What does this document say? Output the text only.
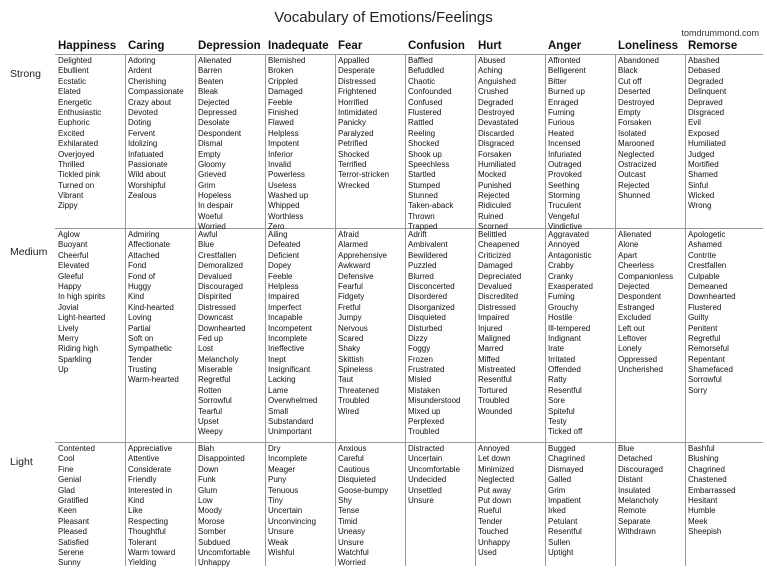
Vocabulary of Emotions/Feelings
tomdrummond.com
Strong
Medium
Light
Happiness
Delighted
Ebullient
Ecstatic
Elated
Energetic
Enthusiastic
Euphoric
Excited
Exhilarated
Overjoyed
Thrilled
Tickled pink
Turned on
Vibrant
Zippy
Aglow
Buoyant
Cheerful
Elevated
Gleeful
Happy
In high spirits
Jovial
Light-hearted
Lively
Merry
Riding high
Sparkling
Up
Contented
Cool
Fine
Genial
Glad
Gratified
Keen
Pleasant
Pleased
Satisfied
Serene
Sunny
Caring
Adoring
Ardent
Cherishing
Compassionate
Crazy about
Devoted
Doting
Fervent
Idolizing
Infatuated
Passionate
Wild about
Worshipful
Zealous
Admiring
Affectionate
Attached
Fond
Fond of
Huggy
Kind
Kind-hearted
Loving
Partial
Soft on
Sympathetic
Tender
Trusting
Warm-hearted
Appreciative
Attentive
Considerate
Friendly
Interested in
Kind
Like
Respecting
Thoughtful
Tolerant
Warm toward
Yielding
Depression
Alienated
Barren
Beaten
Bleak
Dejected
Depressed
Desolate
Despondent
Dismal
Empty
Gloomy
Grieved
Grim
Hopeless
In despair
Woeful
Worried
Awful
Blue
Crestfallen
Demoralized
Devalued
Discouraged
Dispirited
Distressed
Downcast
Downhearted
Fed up
Lost
Melancholy
Miserable
Regretful
Rotten
Sorrowful
Tearful
Upset
Weepy
Blah
Disappointed
Down
Funk
Glum
Low
Moody
Morose
Somber
Subdued
Uncomfortable
Unhappy
Inadequate
Blemished
Broken
Crippled
Damaged
Feeble
Finished
Flawed
Helpless
Impotent
Inferior
Invalid
Powerless
Useless
Washed up
Whipped
Worthless
Zero
Ailing
Defeated
Deficient
Dopey
Feeble
Helpless
Impaired
Imperfect
Incapable
Incompetent
Incomplete
Ineffective
Inept
Insignificant
Lacking
Lame
Overwhelmed
Small
Substandard
Unimportant
Dry
Incomplete
Meager
Puny
Tenuous
Tiny
Uncertain
Unconvincing
Unsure
Weak
Wishful
Fear
Appalled
Desperate
Distressed
Frightened
Horrified
Intimidated
Panicky
Paralyzed
Petrified
Shocked
Terrified
Terror-stricken
Wrecked
Afraid
Alarmed
Apprehensive
Awkward
Defensive
Fearful
Fidgety
Fretful
Jumpy
Nervous
Scared
Shaky
Skittish
Spineless
Taut
Threatened
Troubled
Wired
Anxious
Careful
Cautious
Disquieted
Goose-bumpy
Shy
Tense
Timid
Uneasy
Unsure
Watchful
Worried
Confusion
Baffled
Befuddled
Chaotic
Confounded
Confused
Flustered
Rattled
Reeling
Shocked
Shook up
Speechless
Startled
Stumped
Stunned
Taken-aback
Thrown
Trapped
Adrift
Ambivalent
Bewildered
Puzzled
Blurred
Disconcerted
Disordered
Disorganized
Disquieted
Disturbed
Dizzy
Foggy
Frozen
Frustrated
Misled
Mistaken
Misunderstood
Mixed up
Perplexed
Troubled
Distracted
Uncertain
Uncomfortable
Undecided
Unsettled
Unsure
Hurt
Abused
Aching
Anguished
Crushed
Degraded
Destroyed
Devastated
Discarded
Disgraced
Forsaken
Humiliated
Mocked
Punished
Rejected
Ridiculed
Ruined
Scorned
Belittled
Cheapened
Criticized
Damaged
Depreciated
Devalued
Discredited
Distressed
Impaired
Injured
Maligned
Marred
Miffed
Mistreated
Resentful
Tortured
Troubled
Wounded
Annoyed
Let down
Minimized
Neglected
Put away
Put down
Rueful
Tender
Touched
Unhappy
Used
Anger
Affronted
Belligerent
Bitter
Burned up
Enraged
Fuming
Furious
Heated
Incensed
Infuriated
Outraged
Provoked
Seething
Storming
Truculent
Vengeful
Vindictive
Aggravated
Annoyed
Antagonistic
Crabby
Cranky
Exasperated
Fuming
Grouchy
Hostile
Ill-tempered
Indignant
Irate
Irritated
Offended
Ratty
Resentful
Sore
Spiteful
Testy
Ticked off
Bugged
Chagrined
Dismayed
Galled
Grim
Impatient
Irked
Petulant
Resentful
Sullen
Uptight
Loneliness
Abandoned
Black
Cut off
Deserted
Destroyed
Empty
Forsaken
Isolated
Marooned
Neglected
Ostracized
Outcast
Rejected
Shunned
Alienated
Alone
Apart
Cheerless
Companionless
Dejected
Despondent
Estranged
Excluded
Left out
Leftover
Lonely
Oppressed
Uncherished
Blue
Detached
Discouraged
Distant
Insulated
Melancholy
Remote
Separate
Withdrawn
Remorse
Abashed
Debased
Degraded
Delinquent
Depraved
Disgraced
Evil
Exposed
Humiliated
Judged
Mortified
Shamed
Sinful
Wicked
Wrong
Apologetic
Ashamed
Contrite
Crestfallen
Culpable
Demeaned
Downhearted
Flustered
Guilty
Penitent
Regretful
Remorseful
Repentant
Shamefaced
Sorrowful
Sorry
Bashful
Blushing
Chagrined
Chastened
Embarrassed
Hesitant
Humble
Meek
Sheepish
